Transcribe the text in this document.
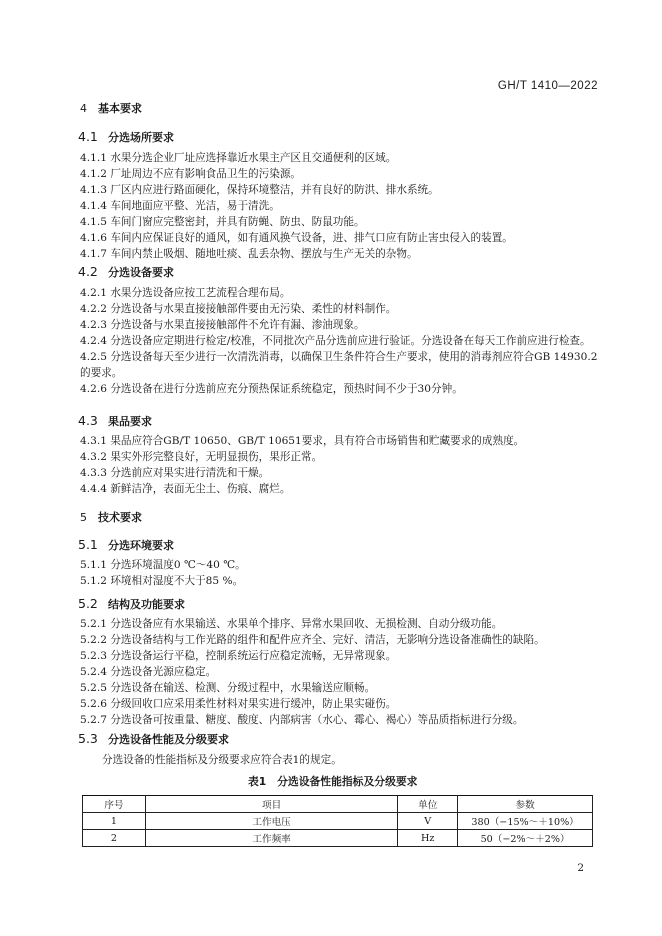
GH/T 1410—2022
4 基本要求
4.1 分选场所要求
4.1.1 水果分选企业厂址应选择靠近水果主产区且交通便利的区域。
4.1.2 厂址周边不应有影响食品卫生的污染源。
4.1.3 厂区内应进行路面硬化，保持环境整洁，并有良好的防洪、排水系统。
4.1.4 车间地面应平整、光洁，易于清洗。
4.1.5 车间门窗应完整密封，并具有防蝇、防虫、防鼠功能。
4.1.6 车间内应保证良好的通风，如有通风换气设备，进、排气口应有防止害虫侵入的装置。
4.1.7 车间内禁止吸烟、随地吐痰、乱丢杂物、摆放与生产无关的杂物。
4.2 分选设备要求
4.2.1 水果分选设备应按工艺流程合理布局。
4.2.2 分选设备与水果直接接触部件要由无污染、柔性的材料制作。
4.2.3 分选设备与水果直接接触部件不允许有漏、渗油现象。
4.2.4 分选设备应定期进行检定/校准，不同批次产品分选前应进行验证。分选设备在每天工作前应进行检查。
4.2.5 分选设备每天至少进行一次清洗消毒，以确保卫生条件符合生产要求，使用的消毒剂应符合GB 14930.2的要求。
4.2.6 分选设备在进行分选前应充分预热保证系统稳定，预热时间不少于30分钟。
4.3 果品要求
4.3.1 果品应符合GB/T 10650、GB/T 10651要求，具有符合市场销售和贮藏要求的成熟度。
4.3.2 果实外形完整良好，无明显损伤，果形正常。
4.3.3 分选前应对果实进行清洗和干燥。
4.4.4 新鲜洁净，表面无尘土、伤痕、腐烂。
5 技术要求
5.1 分选环境要求
5.1.1 分选环境温度0 ℃～40 ℃。
5.1.2 环境相对湿度不大于85 %。
5.2 结构及功能要求
5.2.1 分选设备应有水果输送、水果单个排序、异常水果回收、无损检测、自动分级功能。
5.2.2 分选设备结构与工作光路的组件和配件应齐全、完好、清洁，无影响分选设备准确性的缺陷。
5.2.3 分选设备运行平稳，控制系统运行应稳定流畅，无异常现象。
5.2.4 分选设备光源应稳定。
5.2.5 分选设备在输送、检测、分级过程中，水果输送应顺畅。
5.2.6 分级回收口应采用柔性材料对果实进行缓冲，防止果实碰伤。
5.2.7 分选设备可按重量、糖度、酸度、内部病害（水心、霉心、褐心）等品质指标进行分级。
5.3 分选设备性能及分级要求
分选设备的性能指标及分级要求应符合表1的规定。
表1　分选设备性能指标及分级要求
序号	项目	单位	参数
1	工作电压	V	380（−15%～＋10%）
2	工作频率	Hz	50（−2%～＋2%）
2
